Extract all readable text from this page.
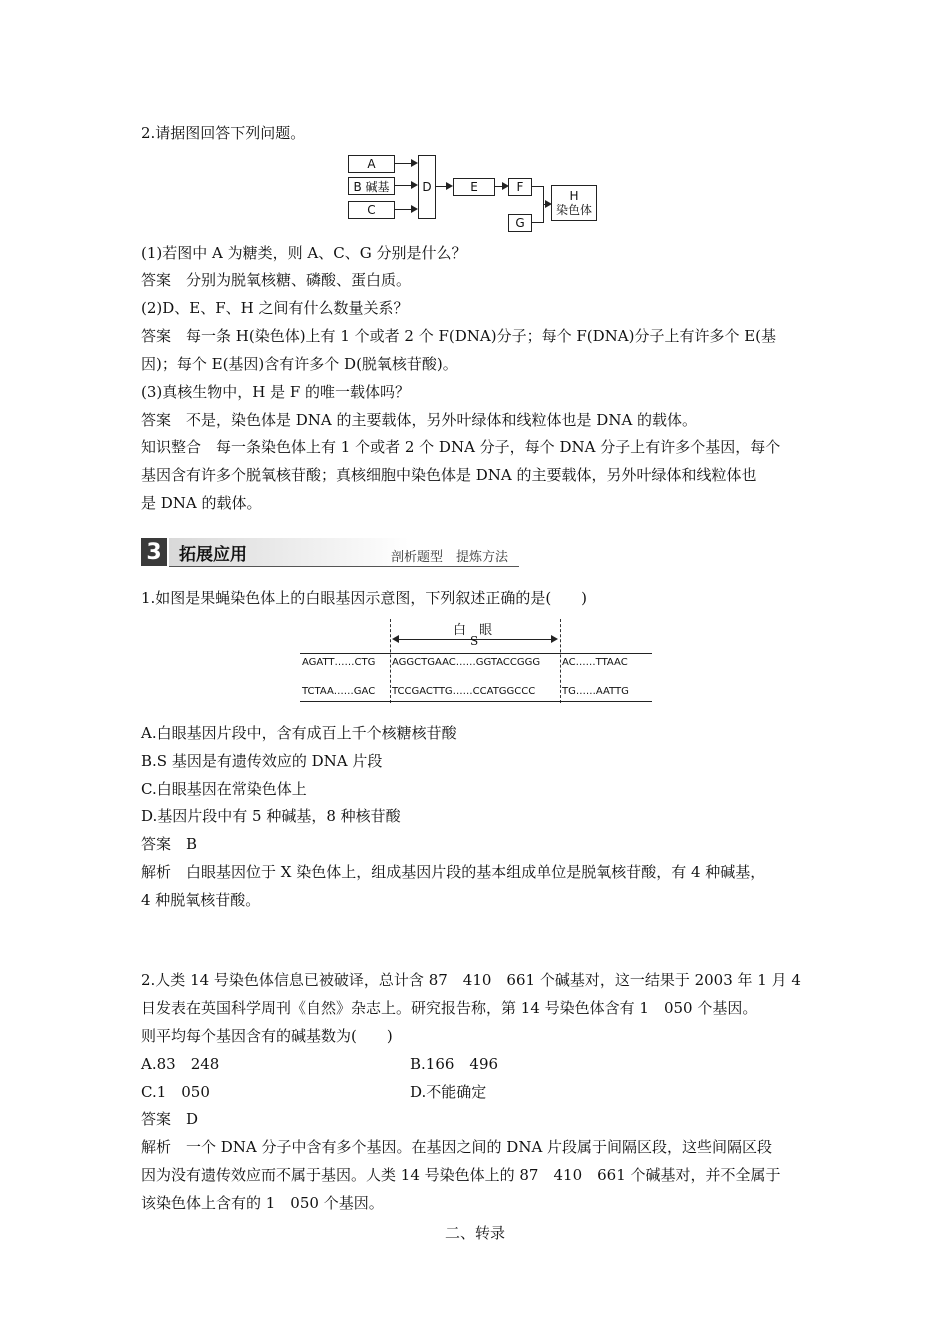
2.请据图回答下列问题。
A
B 碱基
C
D	E	F
G
H
染色体
(1)若图中 A 为糖类，则 A、C、G 分别是什么？
答案　分别为脱氧核糖、磷酸、蛋白质。
(2)D、E、F、H 之间有什么数量关系？
答案　每一条 H(染色体)上有 1 个或者 2 个 F(DNA)分子；每个 F(DNA)分子上有许多个 E(基
因)；每个 E(基因)含有许多个 D(脱氧核苷酸)。
(3)真核生物中，H 是 F 的唯一载体吗？
答案　不是，染色体是 DNA 的主要载体，另外叶绿体和线粒体也是 DNA 的载体。
知识整合　每一条染色体上有 1 个或者 2 个 DNA 分子，每个 DNA 分子上有许多个基因，每个
基因含有许多个脱氧核苷酸；真核细胞中染色体是 DNA 的主要载体，另外叶绿体和线粒体也
是 DNA 的载体。
3	拓展应用	剖析题型　提炼方法
1.如图是果蝇染色体上的白眼基因示意图，下列叙述正确的是(　　)
白　眼
S
AGATT……CTG AGGCTGAAC……GGTACCGGG AC……TTAAC
TCTAA……GAC TCCGACTTG……CCATGGCCC	TG……AATTG
A.白眼基因片段中，含有成百上千个核糖核苷酸
B.S 基因是有遗传效应的 DNA 片段
C.白眼基因在常染色体上
D.基因片段中有 5 种碱基，8 种核苷酸
答案　B
解析　白眼基因位于 X 染色体上，组成基因片段的基本组成单位是脱氧核苷酸，有 4 种碱基，
4 种脱氧核苷酸。
2.人类 14 号染色体信息已被破译，总计含 87　410　661 个碱基对，这一结果于 2003 年 1 月 4
日发表在英国科学周刊《自然》杂志上。研究报告称，第 14 号染色体含有 1　050 个基因。
则平均每个基因含有的碱基数为(　　)
A.83　248	B.166　496
C.1　050	D.不能确定
答案　D
解析　一个 DNA 分子中含有多个基因。在基因之间的 DNA 片段属于间隔区段，这些间隔区段
因为没有遗传效应而不属于基因。人类 14 号染色体上的 87　410　661 个碱基对，并不全属于
该染色体上含有的 1　050 个基因。
二、转录
